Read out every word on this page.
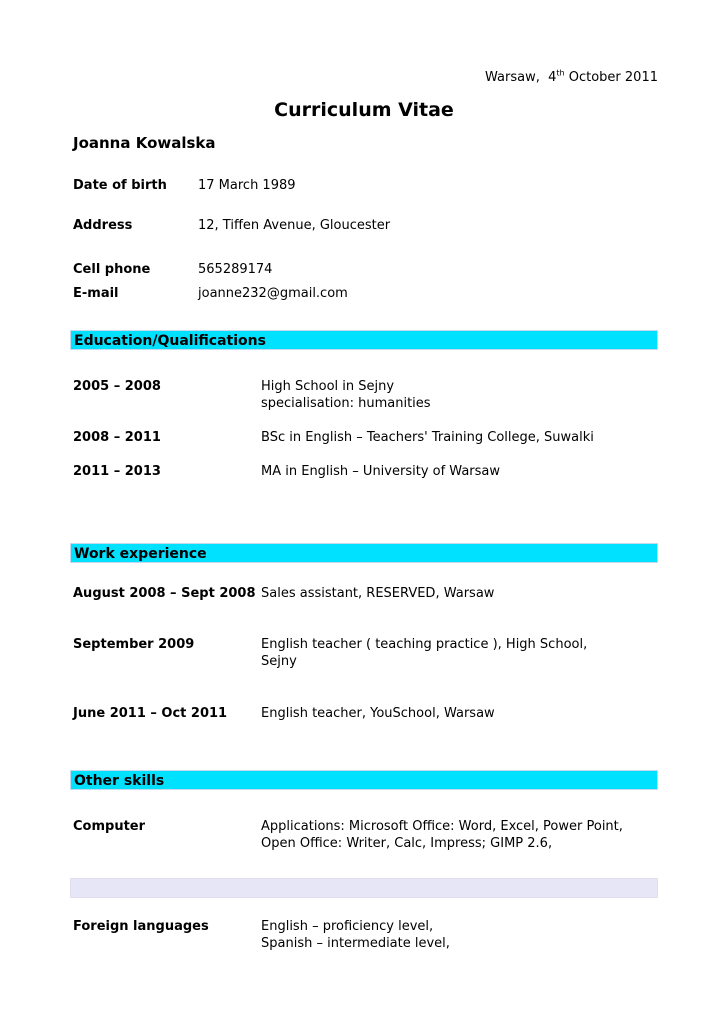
Warsaw, 4th October 2011
Curriculum Vitae
Joanna Kowalska
Date of birth 17 March 1989
Address	12, Tiffen Avenue, Gloucester
Cell phone	565289174
E-mail	joanne232@gmail.com
Education/Qualifications
2005 – 2008	High School in Sejny
specialisation: humanities
2008 – 2011	BSc in English – Teachers' Training College, Suwalki
2011 – 2013	MA in English – University of Warsaw
Work experience
August 2008 – Sept 2008 Sales assistant, RESERVED, Warsaw
September 2009	English teacher ( teaching practice ), High School,
Sejny
June 2011 – Oct 2011	English teacher, YouSchool, Warsaw
Other skills
Computer	Applications: Microsoft Office: Word, Excel, Power Point,
Open Office: Writer, Calc, Impress; GIMP 2.6,
Foreign languages	English – proficiency level,
Spanish – intermediate level,
